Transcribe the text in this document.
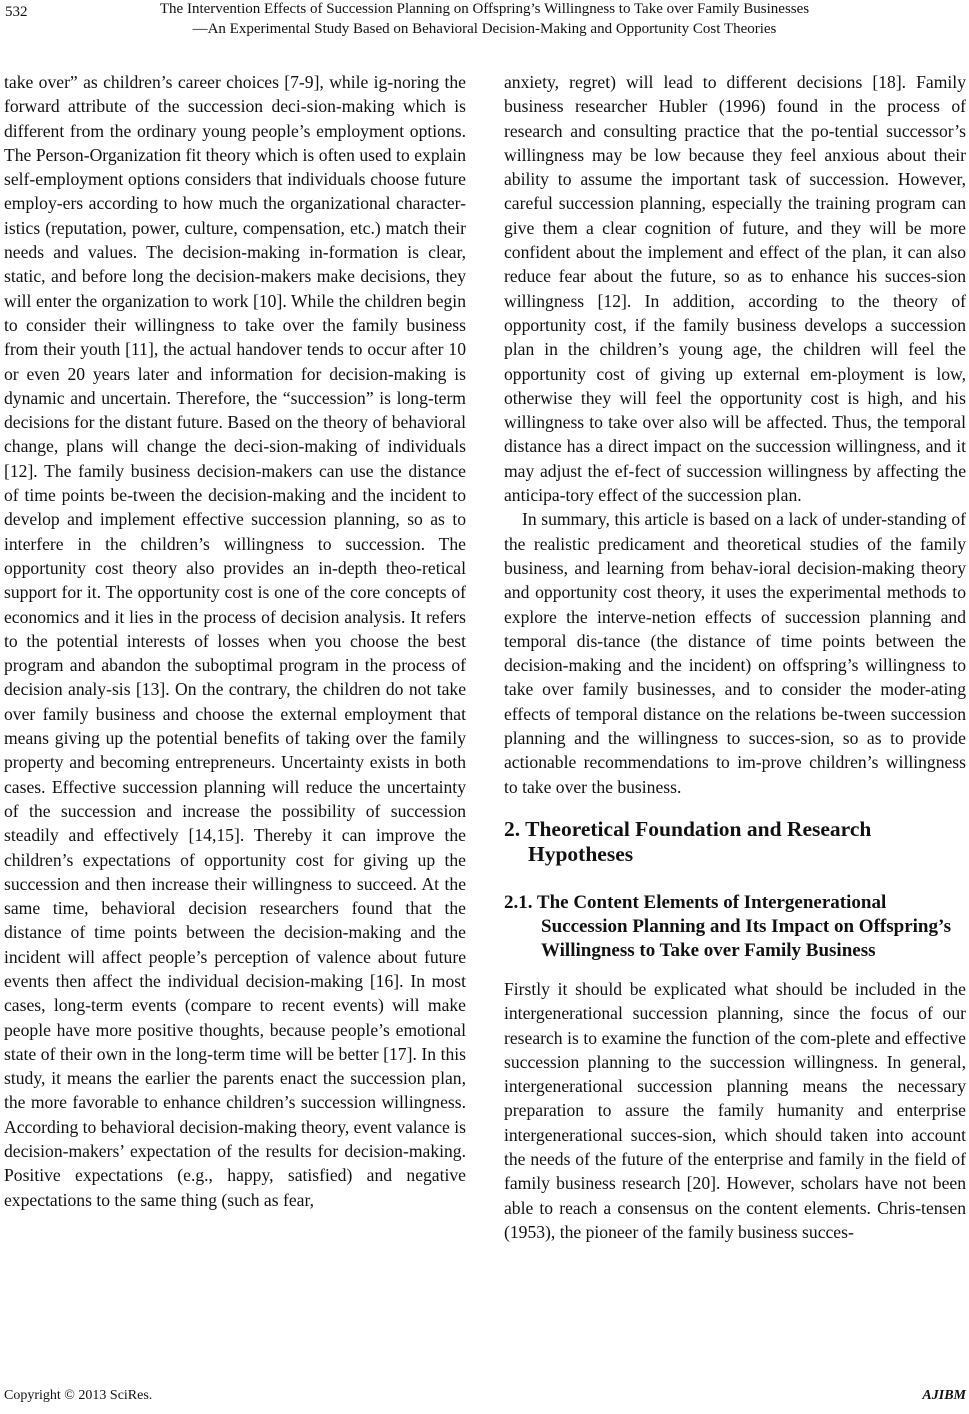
532	The Intervention Effects of Succession Planning on Offspring’s Willingness to Take over Family Businesses
—An Experimental Study Based on Behavioral Decision-Making and Opportunity Cost Theories

take over” as children’s career choices [7-9], while ig-noring the forward attribute of the succession deci-sion-making which is different from the ordinary young people’s employment options. The Person-Organization fit theory which is often used to explain self-employment options considers that individuals choose future employ-ers according to how much the organizational character-istics (reputation, power, culture, compensation, etc.) match their needs and values. The decision-making in-formation is clear, static, and before long the decision-makers make decisions, they will enter the organization to work [10]. While the children begin to consider their willingness to take over the family business from their youth [11], the actual handover tends to occur after 10 or even 20 years later and information for decision-making is dynamic and uncertain. Therefore, the “succession” is long-term decisions for the distant future. Based on the theory of behavioral change, plans will change the deci-sion-making of individuals [12]. The family business decision-makers can use the distance of time points be-tween the decision-making and the incident to develop and implement effective succession planning, so as to interfere in the children’s willingness to succession. The opportunity cost theory also provides an in-depth theo-retical support for it. The opportunity cost is one of the core concepts of economics and it lies in the process of decision analysis. It refers to the potential interests of losses when you choose the best program and abandon the suboptimal program in the process of decision analy-sis [13]. On the contrary, the children do not take over family business and choose the external employment that means giving up the potential benefits of taking over the family property and becoming entrepreneurs. Uncertainty exists in both cases. Effective succession planning will reduce the uncertainty of the succession and increase the possibility of succession steadily and effectively [14,15]. Thereby it can improve the children’s expectations of opportunity cost for giving up the succession and then increase their willingness to succeed. At the same time, behavioral decision researchers found that the distance of time points between the decision-making and the incident will affect people’s perception of valence about future events then affect the individual decision-making [16]. In most cases, long-term events (compare to recent events) will make people have more positive thoughts, because people’s emotional state of their own in the long-term time will be better [17]. In this study, it means the earlier the parents enact the succession plan, the more favorable to enhance children’s succession willingness. According to behavioral decision-making theory, event valance is decision-makers’ expectation of the results for decision-making. Positive expectations (e.g., happy, satisfied) and negative expectations to the same thing (such as fear,

anxiety, regret) will lead to different decisions [18]. Family business researcher Hubler (1996) found in the process of research and consulting practice that the po-tential successor’s willingness may be low because they feel anxious about their ability to assume the important task of succession. However, careful succession planning, especially the training program can give them a clear cognition of future, and they will be more confident about the implement and effect of the plan, it can also reduce fear about the future, so as to enhance his succes-sion willingness [12]. In addition, according to the theory of opportunity cost, if the family business develops a succession plan in the children’s young age, the children will feel the opportunity cost of giving up external em-ployment is low, otherwise they will feel the opportunity cost is high, and his willingness to take over also will be affected. Thus, the temporal distance has a direct impact on the succession willingness, and it may adjust the ef-fect of succession willingness by affecting the anticipa-tory effect of the succession plan.

In summary, this article is based on a lack of under-standing of the realistic predicament and theoretical studies of the family business, and learning from behav-ioral decision-making theory and opportunity cost theory, it uses the experimental methods to explore the interve-netion effects of succession planning and temporal dis-tance (the distance of time points between the decision-making and the incident) on offspring’s willingness to take over family businesses, and to consider the moder-ating effects of temporal distance on the relations be-tween succession planning and the willingness to succes-sion, so as to provide actionable recommendations to im-prove children’s willingness to take over the business.

2. Theoretical Foundation and Research Hypotheses
2.1. The Content Elements of Intergenerational Succession Planning and Its Impact on Offspring’s Willingness to Take over Family Business

Firstly it should be explicated what should be included in the intergenerational succession planning, since the focus of our research is to examine the function of the com-plete and effective succession planning to the succession willingness. In general, intergenerational succession planning means the necessary preparation to assure the family humanity and enterprise intergenerational succes-sion, which should taken into account the needs of the future of the enterprise and family in the field of family business research [20]. However, scholars have not been able to reach a consensus on the content elements. Chris-tensen (1953), the pioneer of the family business succes-

Copyright © 2013 SciRes.	AJIBM
